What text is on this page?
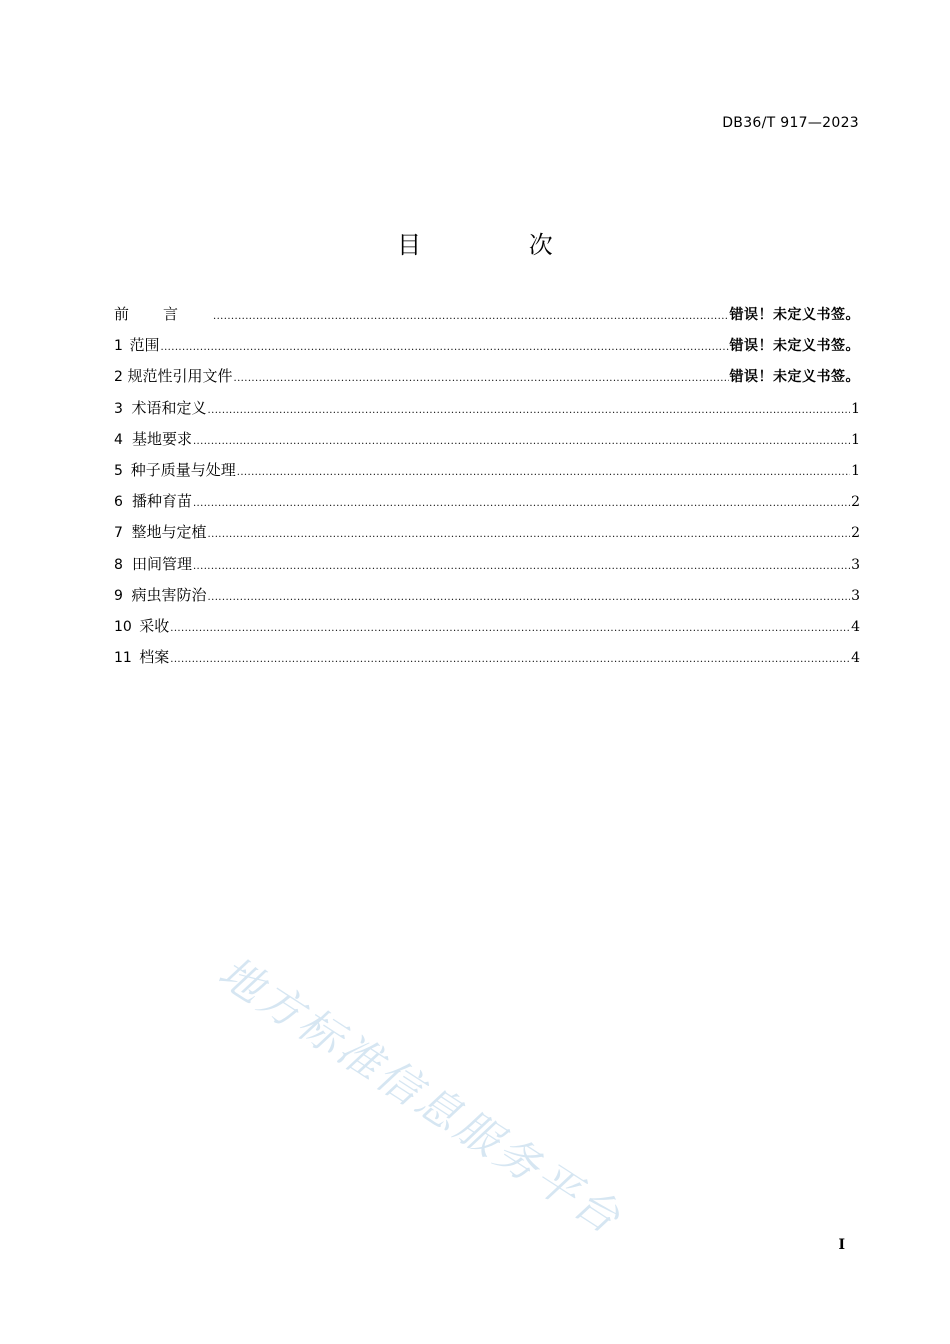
DB36/T 917—2023
目 次
前言 .....	错误！未定义书签。
1 范围 .....	错误！未定义书签。
2 规范性引用文件 .....	错误！未定义书签。
3 术语和定义 .....	1
4 基地要求 .....	1
5 种子质量与处理 .....	1
6 播种育苗 .....	2
7 整地与定植 .....	2
8 田间管理 .....	3
9 病虫害防治 .....	3
10 采收 .....	4
11 档案 .....	4
地方标准信息服务平台	I
